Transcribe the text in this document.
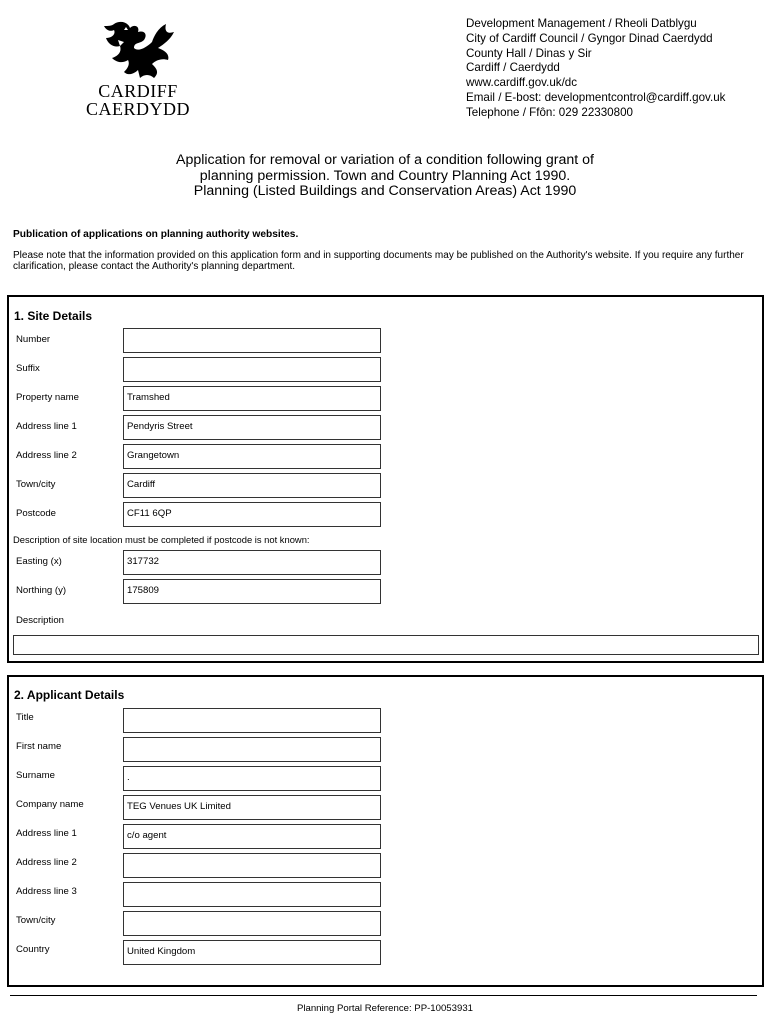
CARDIFF
CAERDYDD
Development Management / Rheoli Datblygu
City of Cardiff Council / Gyngor Dinad Caerdydd
County Hall / Dinas y Sir
Cardiff / Caerdydd
www.cardiff.gov.uk/dc
Email / E-bost: developmentcontrol@cardiff.gov.uk
Telephone / Ffôn: 029 22330800
Application for removal or variation of a condition following grant of
planning permission. Town and Country Planning Act 1990.
Planning (Listed Buildings and Conservation Areas) Act 1990
Publication of applications on planning authority websites.
Please note that the information provided on this application form and in supporting documents may be published on the Authority's website. If you require any further clarification, please contact the Authority's planning department.
1. Site Details
Number
Suffix
Property name	Tramshed
Address line 1	Pendyris Street
Address line 2	Grangetown
Town/city	Cardiff
Postcode	CF11 6QP
Description of site location must be completed if postcode is not known:
Easting (x)	317732
Northing (y)	175809
Description
2. Applicant Details
Title
First name
Surname	.
Company name	TEG Venues UK Limited
Address line 1	c/o agent
Address line 2
Address line 3
Town/city
Country	United Kingdom
Planning Portal Reference: PP-10053931
